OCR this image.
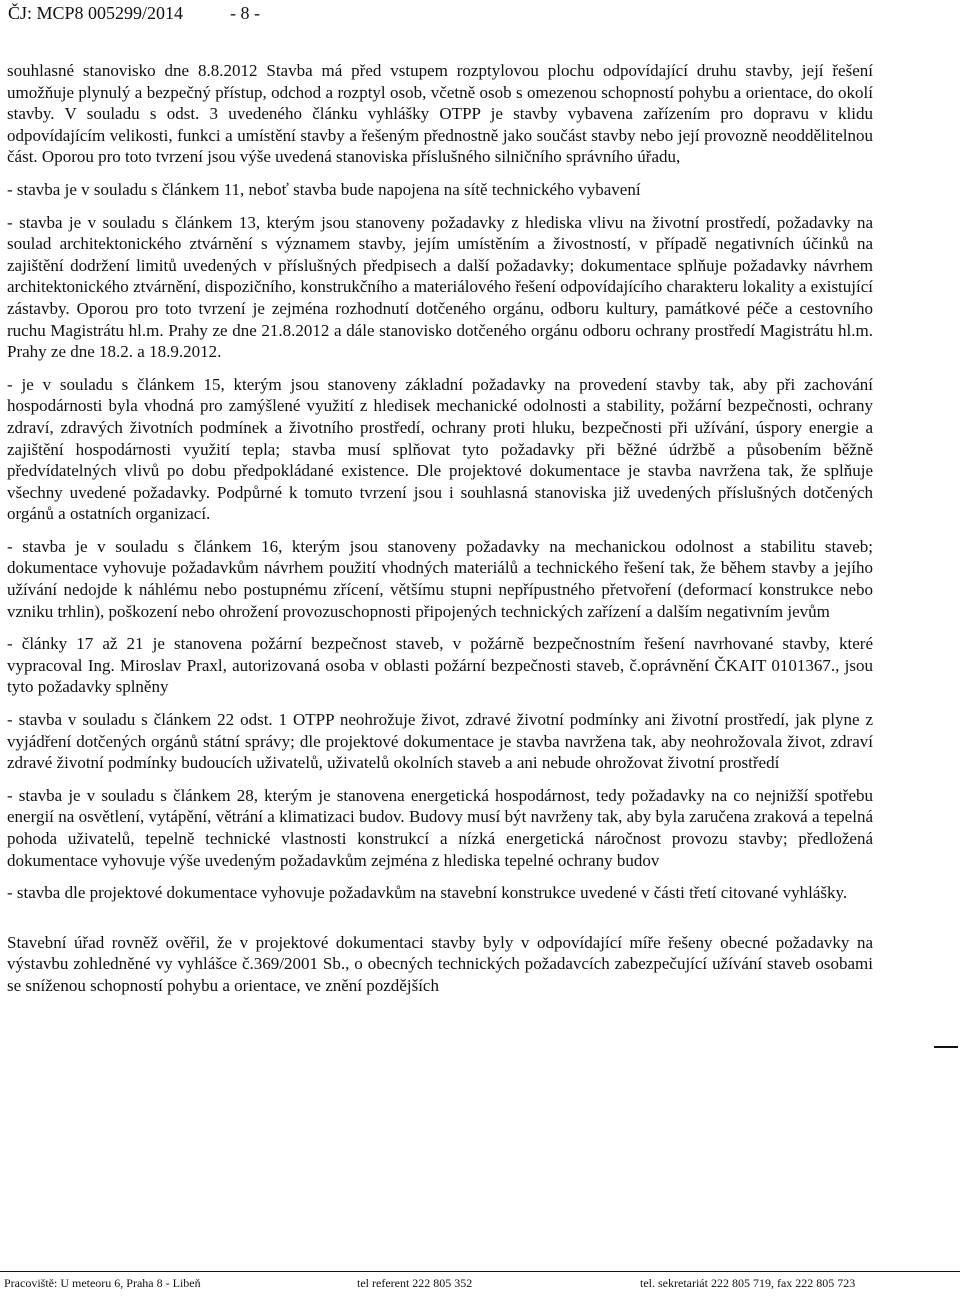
ČJ: MCP8 005299/2014	- 8 -

souhlasné stanovisko dne 8.8.2012 Stavba má před vstupem rozptylovou plochu odpovídající druhu stavby, její řešení umožňuje plynulý a bezpečný přístup, odchod a rozptyl osob, včetně osob s omezenou schopností pohybu a orientace, do okolí stavby. V souladu s odst. 3 uvedeného článku vyhlášky OTPP je stavby vybavena zařízením pro dopravu v klidu odpovídajícím velikosti, funkci a umístění stavby a řešeným přednostně jako součást stavby nebo její provozně neoddělitelnou část. Oporou pro toto tvrzení jsou výše uvedená stanoviska příslušného silničního správního úřadu,

- stavba je v souladu s článkem 11, neboť stavba bude napojena na sítě technického vybavení

- stavba je v souladu s článkem 13, kterým jsou stanoveny požadavky z hlediska vlivu na životní prostředí, požadavky na soulad architektonického ztvárnění s významem stavby, jejím umístěním a živostností, v případě negativních účinků na zajištění dodržení limitů uvedených v příslušných předpisech a další požadavky; dokumentace splňuje požadavky návrhem architektonického ztvárnění, dispozičního, konstrukčního a materiálového řešení odpovídajícího charakteru lokality a existující zástavby. Oporou pro toto tvrzení je zejména rozhodnutí dotčeného orgánu, odboru kultury, památkové péče a cestovního ruchu Magistrátu hl.m. Prahy ze dne 21.8.2012 a dále stanovisko dotčeného orgánu odboru ochrany prostředí Magistrátu hl.m. Prahy ze dne 18.2. a 18.9.2012.

- je v souladu s článkem 15, kterým jsou stanoveny základní požadavky na provedení stavby tak, aby při zachování hospodárnosti byla vhodná pro zamýšlené využití z hledisek mechanické odolnosti a stability, požární bezpečnosti, ochrany zdraví, zdravých životních podmínek a životního prostředí, ochrany proti hluku, bezpečnosti při užívání, úspory energie a zajištění hospodárnosti využití tepla; stavba musí splňovat tyto požadavky při běžné údržbě a působením běžně předvídatelných vlivů po dobu předpokládané existence. Dle projektové dokumentace je stavba navržena tak, že splňuje všechny uvedené požadavky. Podpůrné k tomuto tvrzení jsou i souhlasná stanoviska již uvedených příslušných dotčených orgánů a ostatních organizací.

- stavba je v souladu s článkem 16, kterým jsou stanoveny požadavky na mechanickou odolnost a stabilitu staveb; dokumentace vyhovuje požadavkům návrhem použití vhodných materiálů a technického řešení tak, že během stavby a jejího užívání nedojde k náhlému nebo postupnému zřícení, většímu stupni nepřípustného přetvoření (deformací konstrukce nebo vzniku trhlin), poškození nebo ohrožení provozuschopnosti připojených technických zařízení a dalším negativním jevům

- články 17 až 21 je stanovena požární bezpečnost staveb, v požárně bezpečnostním řešení navrhované stavby, které vypracoval Ing. Miroslav Praxl, autorizovaná osoba v oblasti požární bezpečnosti staveb, č.oprávnění ČKAIT 0101367., jsou tyto požadavky splněny

- stavba v souladu s článkem 22 odst. 1 OTPP neohrožuje život, zdravé životní podmínky ani životní prostředí, jak plyne z vyjádření dotčených orgánů státní správy; dle projektové dokumentace je stavba navržena tak, aby neohrožovala život, zdraví zdravé životní podmínky budoucích uživatelů, uživatelů okolních staveb a ani nebude ohrožovat životní prostředí

- stavba je v souladu s článkem 28, kterým je stanovena energetická hospodárnost, tedy požadavky na co nejnižší spotřebu energií na osvětlení, vytápění, větrání a klimatizaci budov. Budovy musí být navrženy tak, aby byla zaručena zraková a tepelná pohoda uživatelů, tepelně technické vlastnosti konstrukcí a nízká energetická náročnost provozu stavby; předložená dokumentace vyhovuje výše uvedeným požadavkům zejména z hlediska tepelné ochrany budov

- stavba dle projektové dokumentace vyhovuje požadavkům na stavební konstrukce uvedené v části třetí citované vyhlášky.

Stavební úřad rovněž ověřil, že v projektové dokumentaci stavby byly v odpovídající míře řešeny obecné požadavky na výstavbu zohledněné vy vyhlášce č.369/2001 Sb., o obecných technických požadavcích zabezpečující užívání staveb osobami se sníženou schopností pohybu a orientace, ve znění pozdějších

Pracoviště: U meteoru 6, Praha 8 - Libeň	tel referent 222 805 352	tel. sekretariát 222 805 719, fax 222 805 723
